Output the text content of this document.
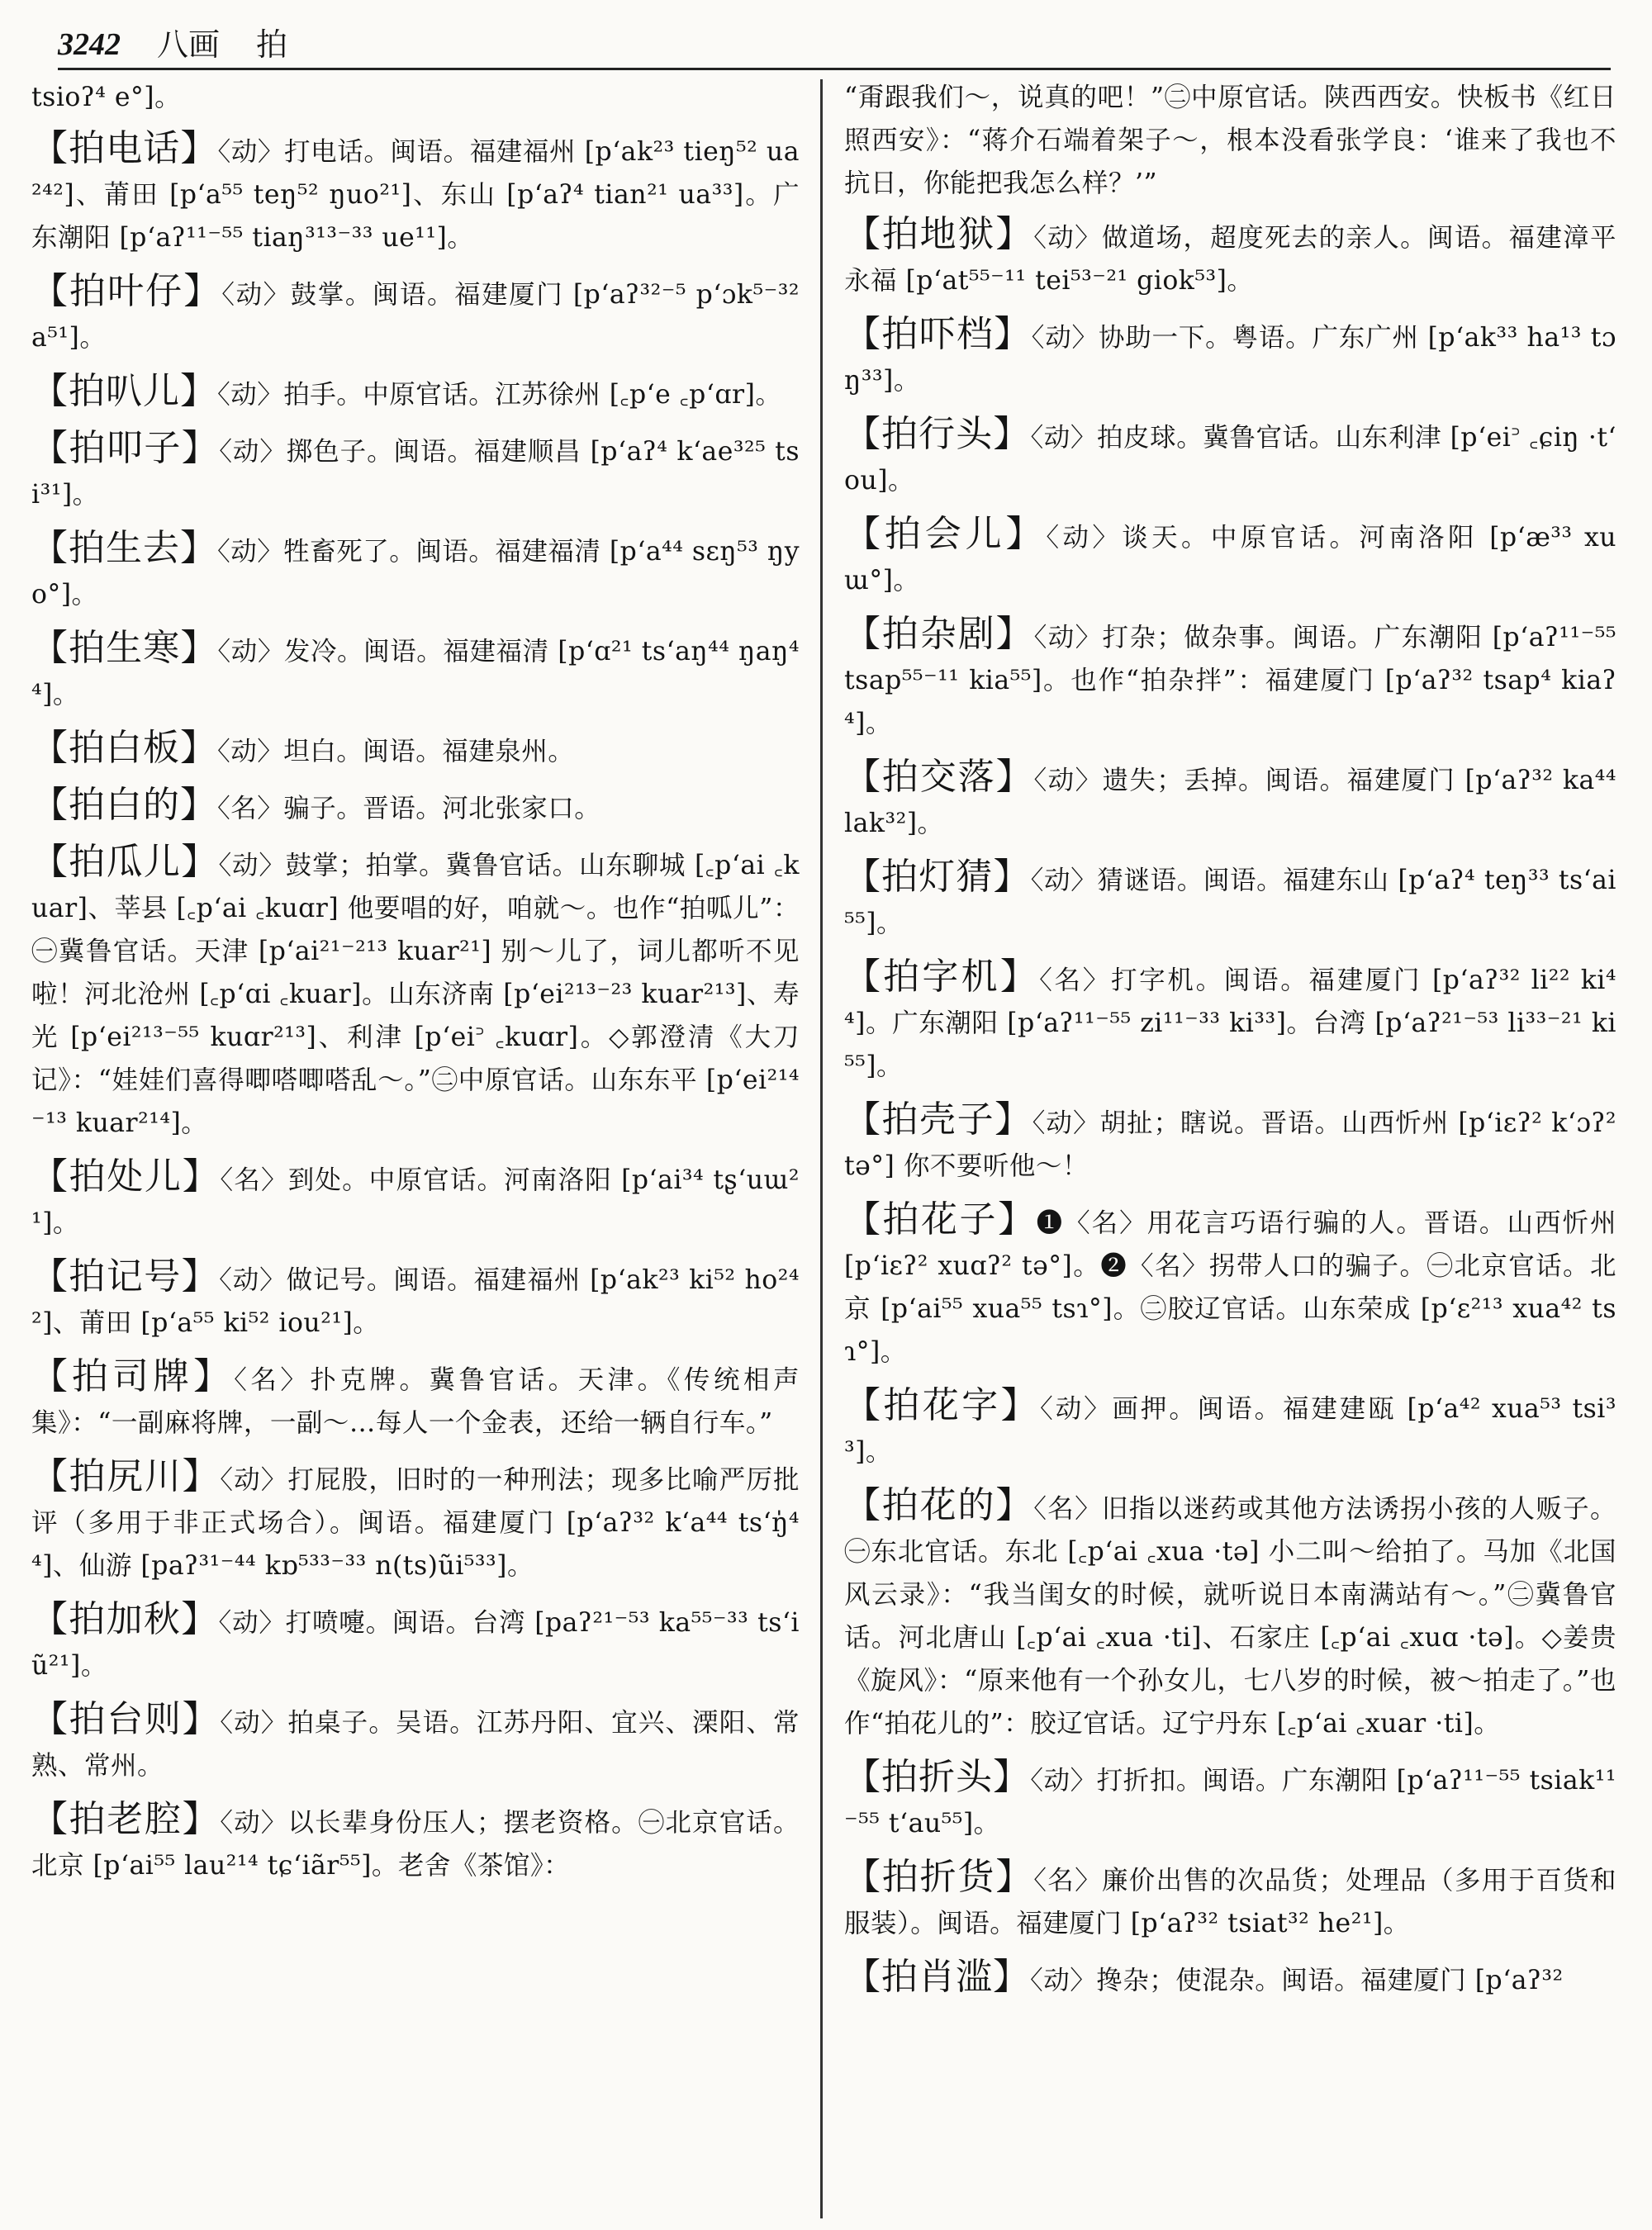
3242 八画 拍
tsioʔ⁴ e°]。
【拍电话】〈动〉打电话。闽语。福建福州 [pʻak²³ tieŋ⁵² ua²⁴²]、莆田 [pʻa⁵⁵ teŋ⁵² ŋuo²¹]、东山 [pʻaʔ⁴ tian²¹ ua³³]。广东潮阳 [pʻaʔ¹¹⁻⁵⁵ tiaŋ³¹³⁻³³ ue¹¹]。
【拍叶仔】〈动〉鼓掌。闽语。福建厦门 [pʻaʔ³²⁻⁵ pʻɔk⁵⁻³² a⁵¹]。
【拍叭儿】〈动〉拍手。中原官话。江苏徐州 [꜀pʻe ꜀pʻɑr]。
【拍叩子】〈动〉掷色子。闽语。福建顺昌 [pʻaʔ⁴ kʻae³²⁵ tsi³¹]。
【拍生去】〈动〉牲畜死了。闽语。福建福清 [pʻa⁴⁴ sɛŋ⁵³ ŋyo°]。
【拍生寒】〈动〉发冷。闽语。福建福清 [pʻɑ²¹ tsʻaŋ⁴⁴ ŋaŋ⁴⁴]。
【拍白板】〈动〉坦白。闽语。福建泉州。
【拍白的】〈名〉骗子。晋语。河北张家口。
【拍瓜儿】〈动〉鼓掌；拍掌。冀鲁官话。山东聊城 [꜀pʻai ꜀kuar]、莘县 [꜀pʻai ꜀kuɑr] 他要唱的好，咱就～。也作“拍呱儿”：㊀冀鲁官话。天津 [pʻai²¹⁻²¹³ kuar²¹] 别～儿了，词儿都听不见啦！河北沧州 [꜀pʻɑi ꜀kuar]。山东济南 [pʻei²¹³⁻²³ kuar²¹³]、寿光 [pʻei²¹³⁻⁵⁵ kuɑr²¹³]、利津 [pʻei꜄ ꜀kuɑr]。◇郭澄清《大刀记》：“娃娃们喜得唧嗒唧嗒乱～。”㊁中原官话。山东东平 [pʻei²¹⁴⁻¹³ kuar²¹⁴]。
【拍处儿】〈名〉到处。中原官话。河南洛阳 [pʻai³⁴ tʂʻuɯ²¹]。
【拍记号】〈动〉做记号。闽语。福建福州 [pʻak²³ ki⁵² ho²⁴²]、莆田 [pʻa⁵⁵ ki⁵² iou²¹]。
【拍司牌】〈名〉扑克牌。冀鲁官话。天津。《传统相声集》：“一副麻将牌，一副～…每人一个金表，还给一辆自行车。”
【拍尻川】〈动〉打屁股，旧时的一种刑法；现多比喻严厉批评（多用于非正式场合）。闽语。福建厦门 [pʻaʔ³² kʻa⁴⁴ tsʻŋ̍⁴⁴]、仙游 [paʔ³¹⁻⁴⁴ kɒ⁵³³⁻³³ n(ts)ũi⁵³³]。
【拍加秋】〈动〉打喷嚏。闽语。台湾 [paʔ²¹⁻⁵³ ka⁵⁵⁻³³ tsʻiũ²¹]。
【拍台则】〈动〉拍桌子。吴语。江苏丹阳、宜兴、溧阳、常熟、常州。
【拍老腔】〈动〉以长辈身份压人；摆老资格。㊀北京官话。北京 [pʻai⁵⁵ lau²¹⁴ tɕʻiãr⁵⁵]。老舍《茶馆》：
“甭跟我们～，说真的吧！”㊁中原官话。陕西西安。快板书《红日照西安》：“蒋介石端着架子～，根本没看张学良：‘谁来了我也不抗日，你能把我怎么样？’”
【拍地狱】〈动〉做道场，超度死去的亲人。闽语。福建漳平永福 [pʻat⁵⁵⁻¹¹ tei⁵³⁻²¹ giok⁵³]。
【拍吓档】〈动〉协助一下。粤语。广东广州 [pʻak³³ ha¹³ tɔŋ³³]。
【拍行头】〈动〉拍皮球。冀鲁官话。山东利津 [pʻei꜄ ꜀ɕiŋ ·tʻou]。
【拍会儿】〈动〉谈天。中原官话。河南洛阳 [pʻæ³³ xuɯ°]。
【拍杂剧】〈动〉打杂；做杂事。闽语。广东潮阳 [pʻaʔ¹¹⁻⁵⁵ tsap⁵⁵⁻¹¹ kia⁵⁵]。也作“拍杂拌”：福建厦门 [pʻaʔ³² tsap⁴ kiaʔ⁴]。
【拍交落】〈动〉遗失；丢掉。闽语。福建厦门 [pʻaʔ³² ka⁴⁴ lak³²]。
【拍灯猜】〈动〉猜谜语。闽语。福建东山 [pʻaʔ⁴ teŋ³³ tsʻai⁵⁵]。
【拍字机】〈名〉打字机。闽语。福建厦门 [pʻaʔ³² li²² ki⁴⁴]。广东潮阳 [pʻaʔ¹¹⁻⁵⁵ zi¹¹⁻³³ ki³³]。台湾 [pʻaʔ²¹⁻⁵³ li³³⁻²¹ ki⁵⁵]。
【拍壳子】〈动〉胡扯；瞎说。晋语。山西忻州 [pʻiɛʔ² kʻɔʔ² tə°] 你不要听他～！
【拍花子】❶〈名〉用花言巧语行骗的人。晋语。山西忻州 [pʻiɛʔ² xuɑʔ² tə°]。❷〈名〉拐带人口的骗子。㊀北京官话。北京 [pʻai⁵⁵ xua⁵⁵ tsɿ°]。㊁胶辽官话。山东荣成 [pʻɛ²¹³ xua⁴² tsɿ°]。
【拍花字】〈动〉画押。闽语。福建建瓯 [pʻa⁴² xua⁵³ tsi³³]。
【拍花的】〈名〉旧指以迷药或其他方法诱拐小孩的人贩子。㊀东北官话。东北 [꜀pʻai ꜀xua ·tə] 小二叫～给拍了。马加《北国风云录》：“我当闺女的时候，就听说日本南满站有～。”㊁冀鲁官话。河北唐山 [꜀pʻai ꜀xua ·ti]、石家庄 [꜀pʻai ꜀xuɑ ·tə]。◇姜贵《旋风》：“原来他有一个孙女儿，七八岁的时候，被～拍走了。”也作“拍花儿的”：胶辽官话。辽宁丹东 [꜀pʻai ꜀xuar ·ti]。
【拍折头】〈动〉打折扣。闽语。广东潮阳 [pʻaʔ¹¹⁻⁵⁵ tsiak¹¹⁻⁵⁵ tʻau⁵⁵]。
【拍折货】〈名〉廉价出售的次品货；处理品（多用于百货和服装）。闽语。福建厦门 [pʻaʔ³² tsiat³² he²¹]。
【拍肖滥】〈动〉搀杂；使混杂。闽语。福建厦门 [pʻaʔ³²
